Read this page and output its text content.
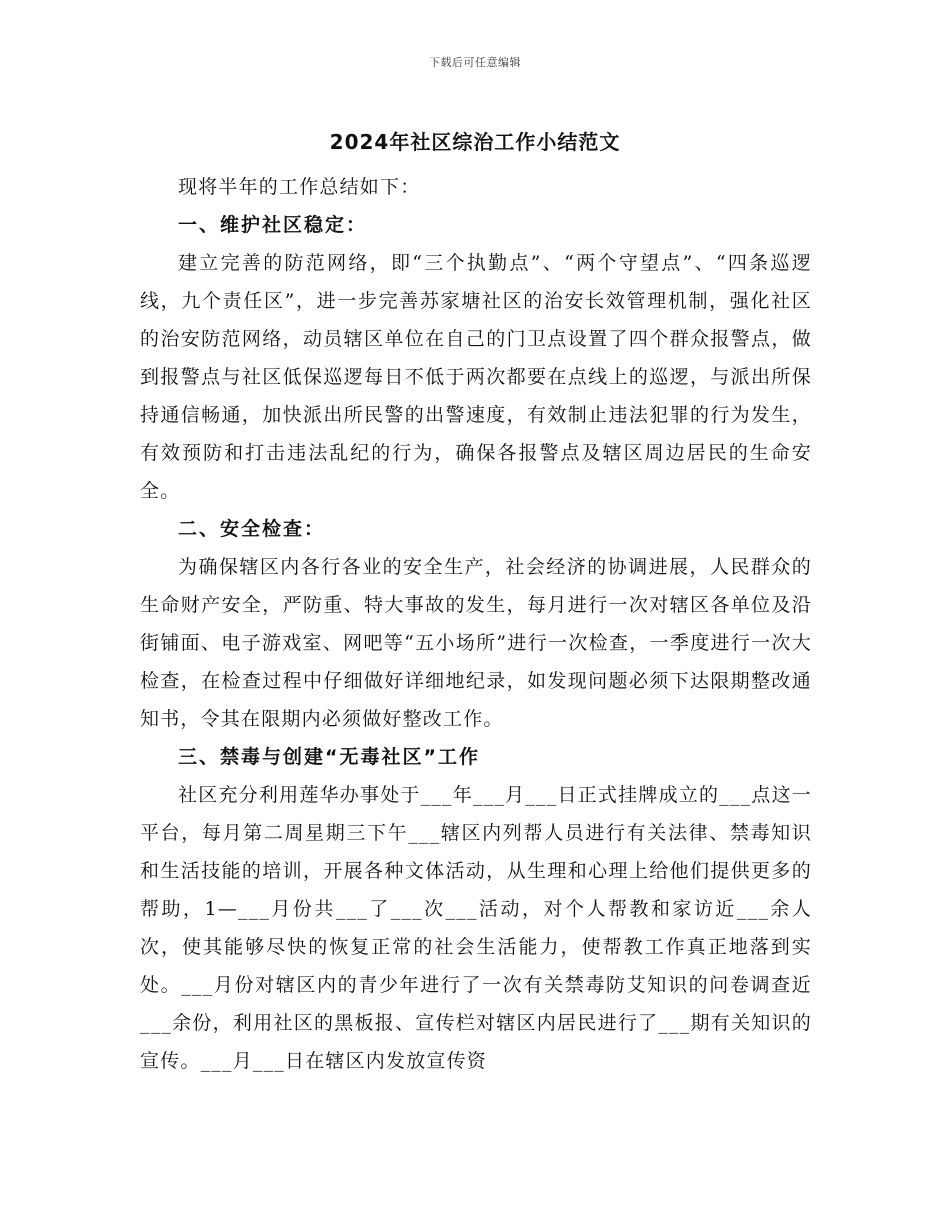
下载后可任意编辑
2024年社区综治工作小结范文

现将半年的工作总结如下：

一、维护社区稳定：

建立完善的防范网络，即“三个执勤点”、“两个守望点”、“四条巡逻线，九个责任区”，进一步完善苏家塘社区的治安长效管理机制，强化社区的治安防范网络，动员辖区单位在自己的门卫点设置了四个群众报警点，做到报警点与社区低保巡逻每日不低于两次都要在点线上的巡逻，与派出所保持通信畅通，加快派出所民警的出警速度，有效制止违法犯罪的行为发生，有效预防和打击违法乱纪的行为，确保各报警点及辖区周边居民的生命安全。

二、安全检查：

为确保辖区内各行各业的安全生产，社会经济的协调进展，人民群众的生命财产安全，严防重、特大事故的发生，每月进行一次对辖区各单位及沿街铺面、电子游戏室、网吧等“五小场所”进行一次检查，一季度进行一次大检查，在检查过程中仔细做好详细地纪录，如发现问题必须下达限期整改通知书，令其在限期内必须做好整改工作。

三、禁毒与创建“无毒社区”工作

社区充分利用莲华办事处于___年___月___日正式挂牌成立的___点这一平台，每月第二周星期三下午___辖区内列帮人员进行有关法律、禁毒知识和生活技能的培训，开展各种文体活动，从生理和心理上给他们提供更多的帮助，1—___月份共___了___次___活动，对个人帮教和家访近___余人次，使其能够尽快的恢复正常的社会生活能力，使帮教工作真正地落到实处。___月份对辖区内的青少年进行了一次有关禁毒防艾知识的问卷调查近___余份，利用社区的黑板报、宣传栏对辖区内居民进行了___期有关知识的宣传。___月___日在辖区内发放宣传资
